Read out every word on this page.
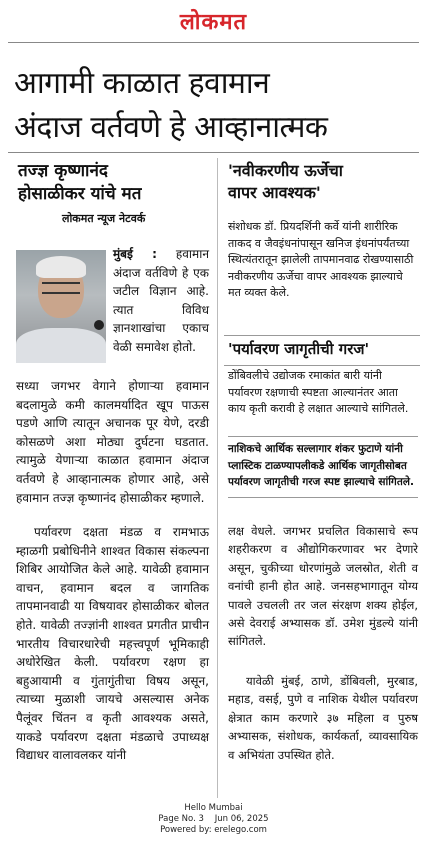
लोकमत
आगामी काळात हवामान
अंदाज वर्तवणे हे आव्हानात्मक
तज्ज्ञ कृष्णानंद
होसाळीकर यांचे मत
लोकमत न्यूज नेटवर्क
मुंबई : हवामान अंदाज वर्तविणे हे एक जटील विज्ञान आहे. त्यात विविध ज्ञानशाखांचा एकाच वेळी समावेश होतो.
सध्या जगभर वेगाने होणाऱ्या हवामान बदलामुळे कमी कालमर्यादित खूप पाऊस पडणे आणि त्यातून अचानक पूर येणे, दरडी कोसळणे अशा मोठ्या दुर्घटना घडतात. त्यामुळे येणाऱ्या काळात हवामान अंदाज वर्तवणे हे आव्हानात्मक होणार आहे, असे हवामान तज्ज्ञ कृष्णानंद होसाळीकर म्हणाले.
पर्यावरण दक्षता मंडळ व रामभाऊ म्हाळगी प्रबोधिनीने शाश्वत विकास संकल्पना शिबिर आयोजित केले आहे. यावेळी हवामान वाचन, हवामान बदल व जागतिक तापमानवाढी या विषयावर होसाळीकर बोलत होते. यावेळी तज्ज्ञांनी शाश्वत प्रगतीत प्राचीन भारतीय विचारधारेची महत्त्वपूर्ण भूमिकाही अधोरेखित केली. पर्यावरण रक्षण हा बहुआयामी व गुंतागुंतीचा विषय असून, त्याच्या मुळाशी जायचे असल्यास अनेक पैलूंवर चिंतन व कृती आवश्यक असते, याकडे पर्यावरण दक्षता मंडळाचे उपाध्यक्ष विद्याधर वालावलकर यांनी
'नवीकरणीय ऊर्जेचा
वापर आवश्यक'
संशोधक डॉ. प्रियदर्शिनी कर्वे यांनी शारीरिक ताकद व जैवइंधनांपासून खनिज इंधनांपर्यंतच्या स्थित्यंतरातून झालेली तापमानवाढ रोखण्यासाठी नवीकरणीय ऊर्जेचा वापर आवश्यक झाल्याचे मत व्यक्त केले.
'पर्यावरण जागृतीची गरज'
डोंबिवलीचे उद्योजक रमाकांत बारी यांनी पर्यावरण रक्षणाची स्पष्टता आल्यानंतर आता काय कृती करावी हे लक्षात आल्याचे सांगितले.
नाशिकचे आर्थिक सल्लागार शंकर फुटाणे यांनी प्लास्टिक टाळण्यापलीकडे आर्थिक जागृतीसोबत पर्यावरण जागृतीची गरज स्पष्ट झाल्याचे सांगितले.
लक्ष वेधले. जगभर प्रचलित विकासाचे रूप शहरीकरण व औद्योगिकरणावर भर देणारे असून, चुकीच्या धोरणांमुळे जलस्रोत, शेती व वनांची हानी होत आहे. जनसहभागातून योग्य पावले उचलली तर जल संरक्षण शक्य होईल, असे देवराई अभ्यासक डॉ. उमेश मुंडल्ये यांनी सांगितले.
यावेळी मुंबई, ठाणे, डोंबिवली, मुरबाड, महाड, वसई, पुणे व नाशिक येथील पर्यावरण क्षेत्रात काम करणारे ३७ महिला व पुरुष अभ्यासक, संशोधक, कार्यकर्ता, व्यावसायिक व अभियंता उपस्थित होते.
Hello Mumbai
Page No. 3 Jun 06, 2025
Powered by: erelego.com
